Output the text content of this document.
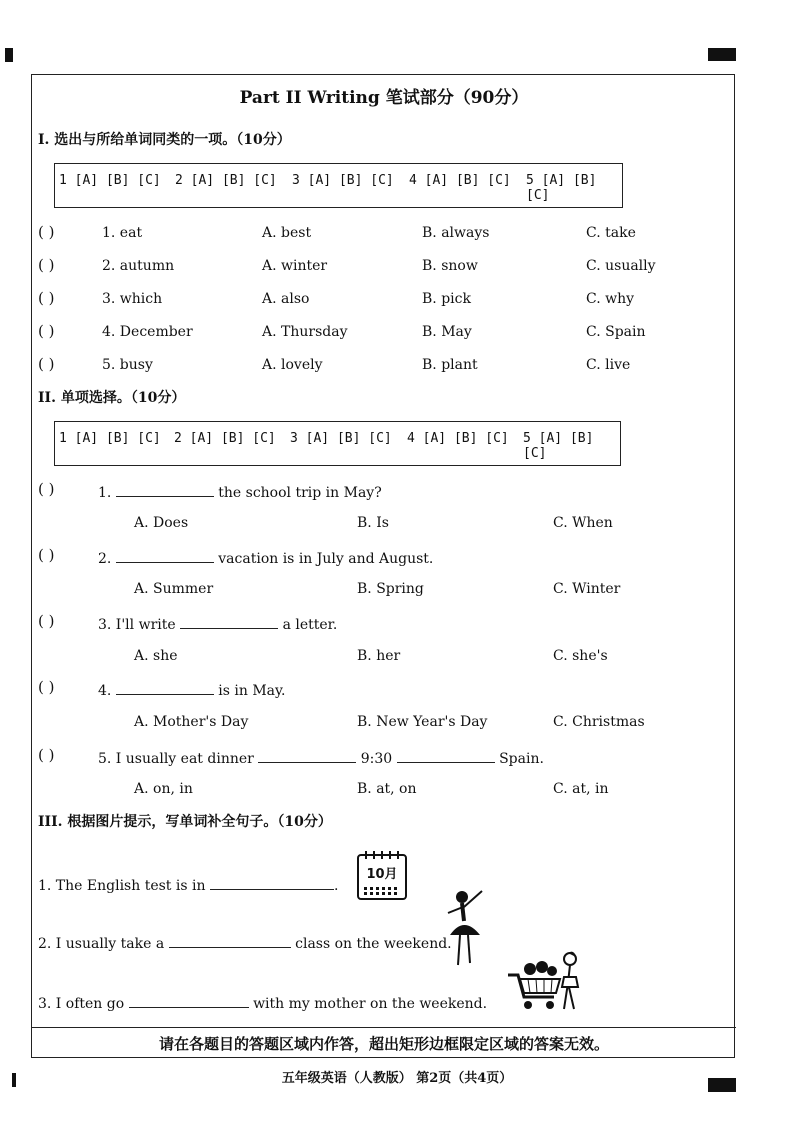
Part II Writing 笔试部分（90分）
I. 选出与所给单词同类的一项。（10分）
1 [A] [B] [C] 2 [A] [B] [C] 3 [A] [B] [C] 4 [A] [B] [C] 5 [A] [B] [C]
( )	1. eat	A. best	B. always	C. take
( )	2. autumn	A. winter	B. snow	C. usually
( )	3. which	A. also	B. pick	C. why
( )	4. December	A. Thursday	B. May	C. Spain
( )	5. busy	A. lovely	B. plant	C. live
II. 单项选择。（10分）
1 [A] [B] [C] 2 [A] [B] [C] 3 [A] [B] [C] 4 [A] [B] [C] 5 [A] [B] [C]
( )	1.	the school trip in May?
A. Does	B. Is	C. When
( )	2.	vacation is in July and August.
A. Summer	B. Spring	C. Winter
( )	3. I'll write	a letter.
A. she	B. her	C. she's
( )	4.	is in May.
A. Mother's Day	B. New Year's Day	C. Christmas
( )	5. I usually eat dinner	9:30	Spain.
A. on, in	B. at, on	C. at, in
III. 根据图片提示，写单词补全句子。（10分）
1. The English test is in	.
10月
2. I usually take a	class on the weekend.
3. I often go	with my mother on the weekend.
请在各题目的答题区域内作答，超出矩形边框限定区域的答案无效。
五年级英语（人教版） 第2页（共4页）
